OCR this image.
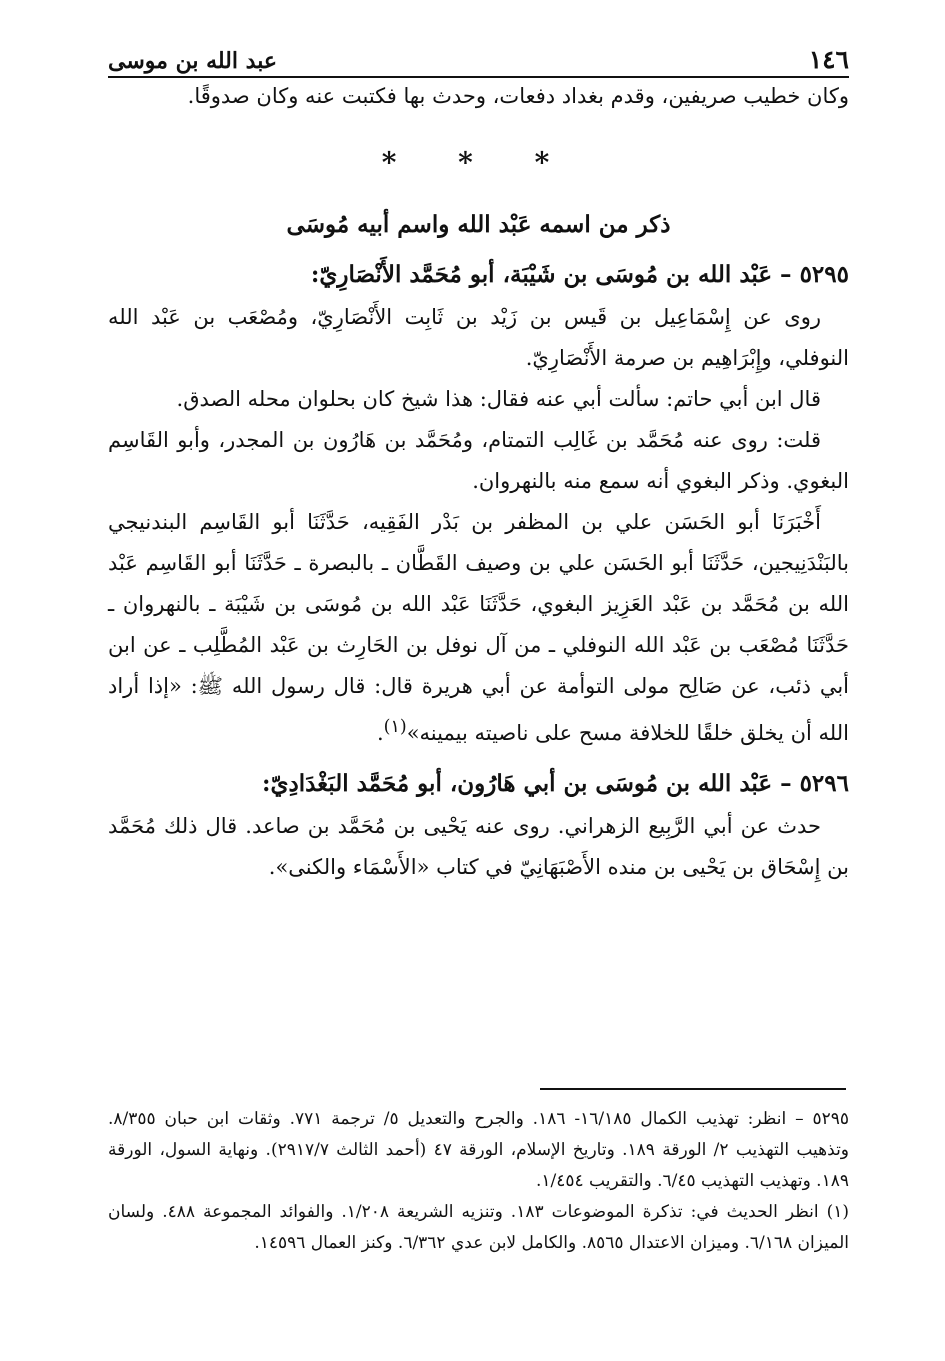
١٤٦
عبد الله بن موسى

وكان خطيب صريفين، وقدم بغداد دفعات، وحدث بها فكتبت عنه وكان صدوقًا.

* * *
ذكر من اسمه عَبْد الله واسم أبيه مُوسَى
٥٢٩٥ – عَبْد الله بن مُوسَى بن شَيْبَة، أبو مُحَمَّد الأَنْصَارِيّ:

روى عن إِسْمَاعِيل بن قَيس بن زَيْد بن ثَابِت الأَنْصَارِيّ، ومُصْعَب بن عَبْد الله النوفلي، وإِبْرَاهِيم بن صرمة الأَنْصَارِيّ.

قال ابن أبي حاتم: سألت أبي عنه فقال: هذا شيخ كان بحلوان محله الصدق.

قلت: روى عنه مُحَمَّد بن غَالِب التمتام، ومُحَمَّد بن هَارُون بن المجدر، وأبو القَاسِم البغوي. وذكر البغوي أنه سمع منه بالنهروان.

أَخْبَرَنَا أبو الحَسَن علي بن المظفر بن بَدْر الفَقِيه، حَدَّثَنَا أبو القَاسِم البندنيجي بالبَنْدَنِيجين، حَدَّثَنَا أبو الحَسَن علي بن وصيف القَطَّان ـ بالبصرة ـ حَدَّثَنَا أبو القَاسِم عَبْد الله بن مُحَمَّد بن عَبْد العَزِيز البغوي، حَدَّثَنَا عَبْد الله بن مُوسَى بن شَيْبَة ـ بالنهروان ـ حَدَّثَنَا مُصْعَب بن عَبْد الله النوفلي ـ من آل نوفل بن الحَارِث بن عَبْد المُطَّلِب ـ عن ابن أبي ذئب، عن صَالِح مولى التوأمة عن أبي هريرة قال: قال رسول الله ﷺ: «إذا أراد الله أن يخلق خلقًا للخلافة مسح على ناصيته بيمينه»$^{(١)}$.

٥٢٩٦ – عَبْد الله بن مُوسَى بن أبي هَارُون، أبو مُحَمَّد البَغْدَادِيّ:

حدث عن أبي الرَّبِيع الزهراني. روى عنه يَحْيى بن مُحَمَّد بن صاعد. قال ذلك مُحَمَّد بن إِسْحَاق بن يَحْيى بن منده الأَصْبَهَانِيّ في كتاب «الأَسْمَاء والكنى».

٥٢٩٥ – انظر: تهذيب الكمال ١٦/١٨٥- ١٨٦. والجرح والتعديل ٥/ ترجمة ٧٧١. وثقات ابن حبان ٨/٣٥٥. وتذهيب التهذيب ٢/ الورقة ١٨٩. وتاريخ الإسلام، الورقة ٤٧ (أحمد الثالث ٢٩١٧/٧). ونهاية السول، الورقة ١٨٩. وتهذيب التهذيب ٦/٤٥. والتقريب ١/٤٥٤.

(١) انظر الحديث في: تذكرة الموضوعات ١٨٣. وتنزيه الشريعة ١/٢٠٨. والفوائد المجموعة ٤٨٨. ولسان الميزان ٦/١٦٨. وميزان الاعتدال ٨٥٦٥. والكامل لابن عدي ٦/٣٦٢. وكنز العمال ١٤٥٩٦.
